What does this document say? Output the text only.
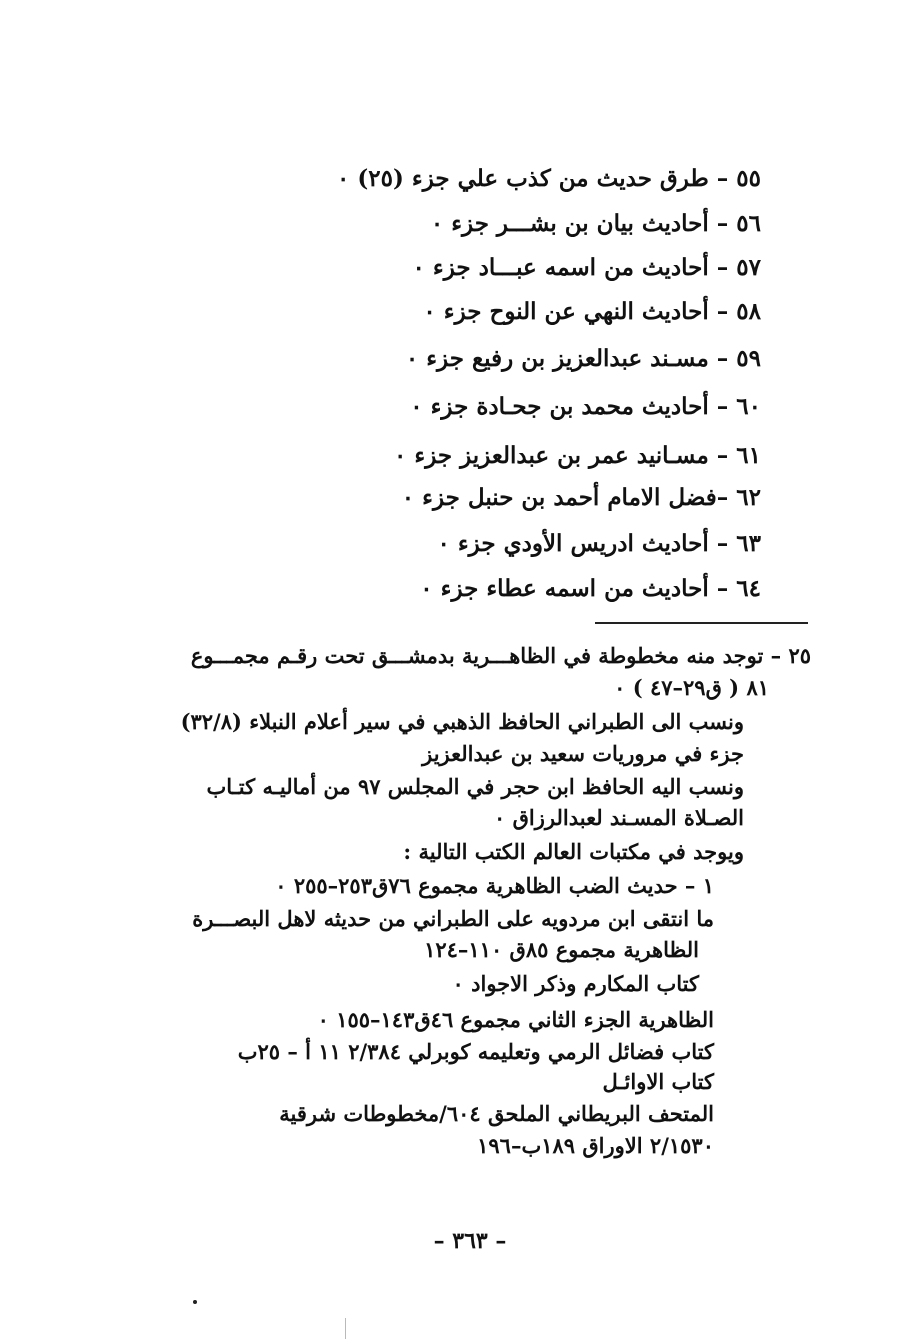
٥٥ – طرق حديث من كذب علي جزء (٢٥) ٠
٥٦ – أحاديث بيان بن بشـــر جزء ٠
٥٧ – أحاديث من اسمه عبـــاد جزء ٠
٥٨ – أحاديث النهي عن النوح جزء ٠
٥٩ – مسـند عبدالعزيز بن رفيع جزء ٠
٦٠ – أحاديث محمد بن جحـادة جزء ٠
٦١ – مسـانيد عمر بن عبدالعزيز جزء ٠
٦٢ –فضل الامام أحمد بن حنبل جزء ٠
٦٣ – أحاديث ادريس الأودي جزء ٠
٦٤ – أحاديث من اسمه عطاء جزء ٠
٢٥ – توجد منه مخطوطة في الظاهـــرية بدمشـــق تحت رقـم مجمـــوع
٨١ ( ق٢٩–٤٧ ) ٠
ونسب الى الطبراني الحافظ الذهبي في سير أعلام النبلاء (٣٢/٨)
جزء في مروريات سعيد بن عبدالعزيز
ونسب اليه الحافظ ابن حجر في المجلس ٩٧ من أماليـه كتـاب
الصـلاة المسـند لعبدالرزاق ٠
ويوجد في مكتبات العالم الكتب التالية :
١ – حديث الضب الظاهرية مجموع ٧٦ق٢٥٣–٢٥٥ ٠
ما انتقى ابن مردويه على الطبراني من حديثه لاهل البصـــرة
الظاهرية مجموع ٨٥ق ١١٠–١٢٤
كتاب المكارم وذكر الاجواد ٠
الظاهرية الجزء الثاني مجموع ٤٦ق١٤٣–١٥٥ ٠
كتاب فضائل الرمي وتعليمه كوبرلي ٢/٣٨٤ ١١ أ – ٢٥ب
كتاب الاوائـل
المتحف البريطاني الملحق ٦٠٤/مخطوطات شرقية
٢/١٥٣٠ الاوراق ١٨٩ب–١٩٦
– ٣٦٣ –
